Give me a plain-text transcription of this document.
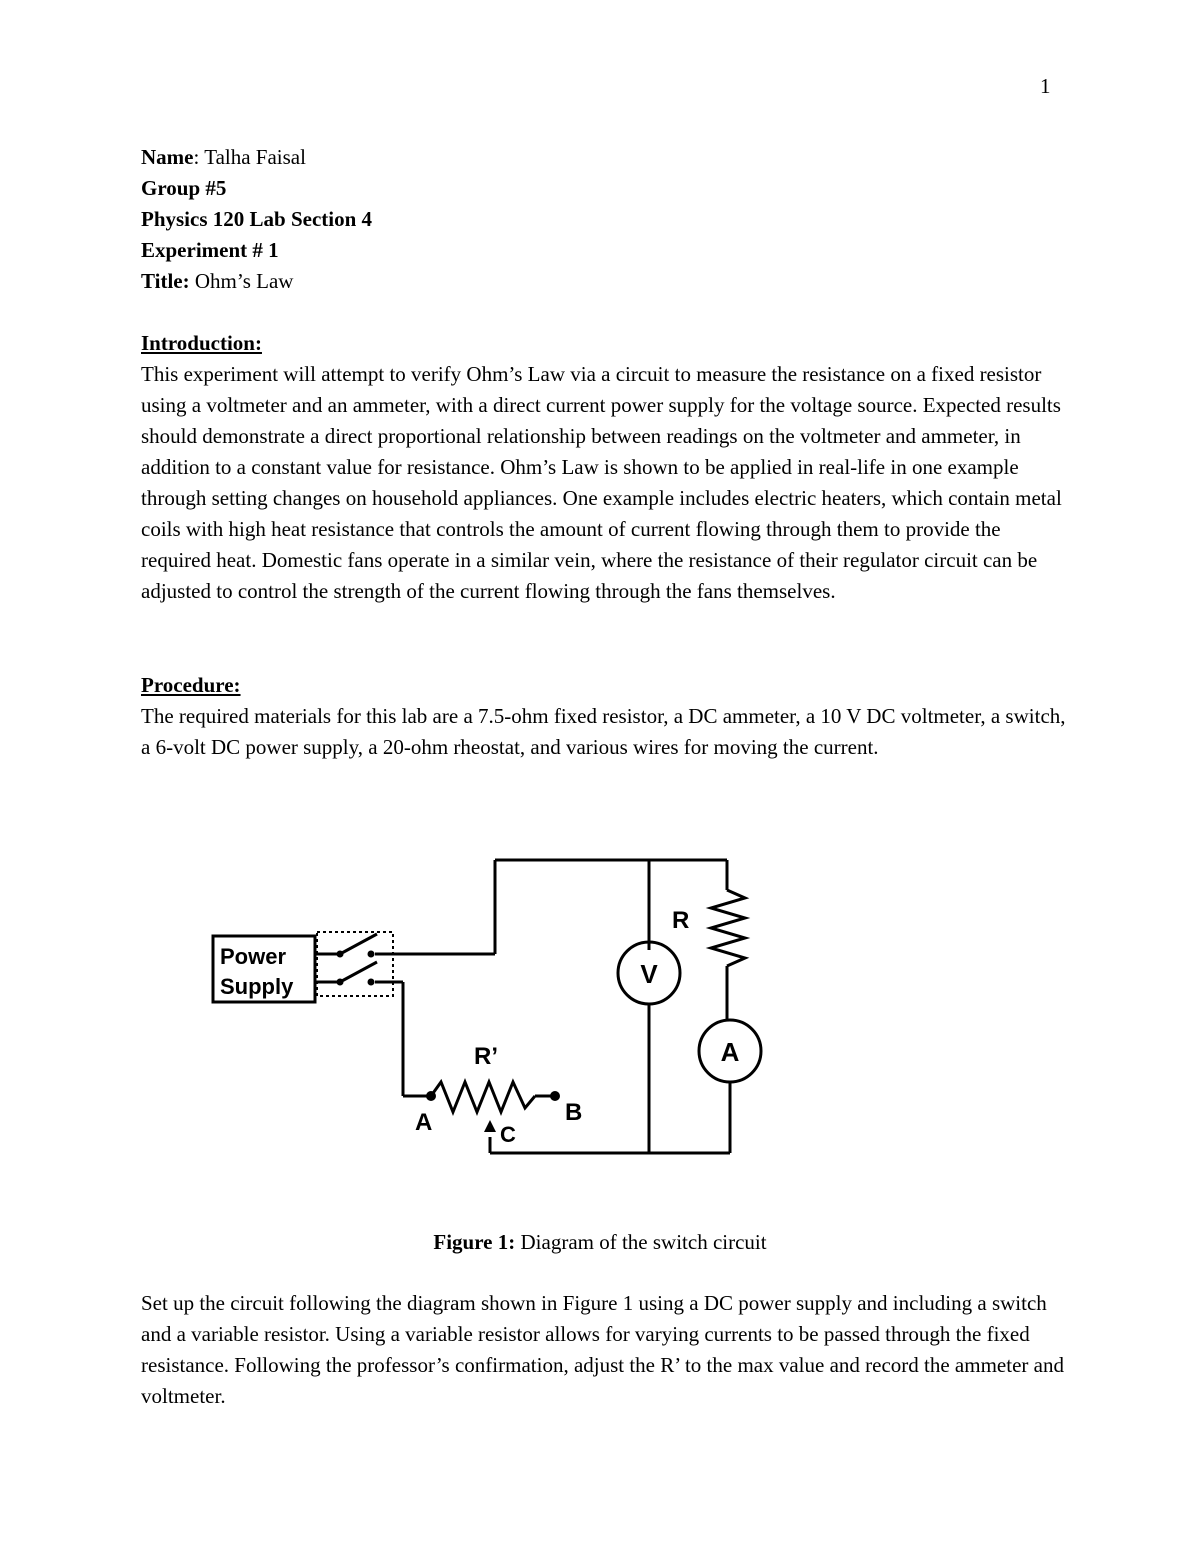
1
Name: Talha Faisal
Group #5
Physics 120 Lab Section 4
Experiment # 1
Title: Ohm’s Law
Introduction:

This experiment will attempt to verify Ohm’s Law via a circuit to measure the resistance on a fixed resistor using a voltmeter and an ammeter, with a direct current power supply for the voltage source. Expected results should demonstrate a direct proportional relationship between readings on the voltmeter and ammeter, in addition to a constant value for resistance. Ohm’s Law is shown to be applied in real-life in one example through setting changes on household appliances. One example includes electric heaters, which contain metal coils with high heat resistance that controls the amount of current flowing through them to provide the required heat. Domestic fans operate in a similar vein, where the resistance of their regulator circuit can be adjusted to control the strength of the current flowing through the fans themselves.

Procedure:

The required materials for this lab are a 7.5-ohm fixed resistor, a DC ammeter, a 10 V DC voltmeter, a switch, a 6-volt DC power supply, a 20-ohm rheostat, and various wires for moving the current.

Power
Supply
R
V
A
R’
A	B
C
Figure 1: Diagram of the switch circuit

Set up the circuit following the diagram shown in Figure 1 using a DC power supply and including a switch and a variable resistor. Using a variable resistor allows for varying currents to be passed through the fixed resistance. Following the professor’s confirmation, adjust the R’ to the max value and record the ammeter and voltmeter.
